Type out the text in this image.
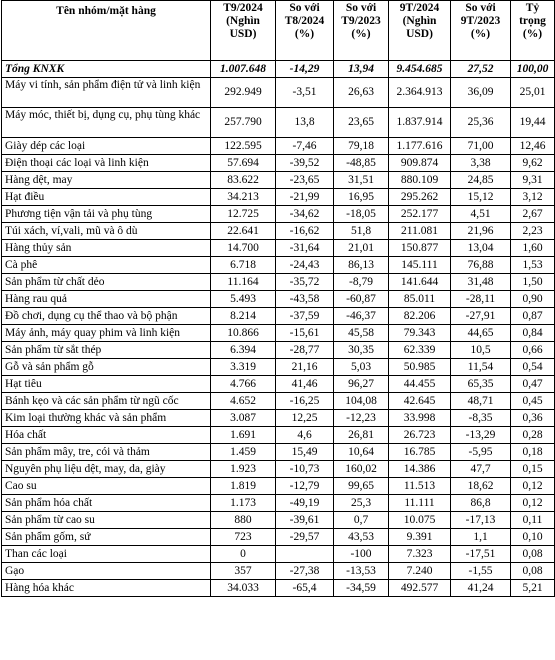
Tên nhóm/mặt hàng	T9/2024 (Nghìn USD)	So với T8/2024 (%)	So với T9/2023 (%)	9T/2024 (Nghìn USD)	So với 9T/2023 (%)	Tỷ trọng (%)
Tổng KNXK	1.007.648	-14,29	13,94	9.454.685	27,52	100,00
Máy vi tính, sản phẩm điện tử và linh kiện	292.949	-3,51	26,63	2.364.913	36,09	25,01
Máy móc, thiết bị, dụng cụ, phụ tùng khác	257.790	13,8	23,65	1.837.914	25,36	19,44
Giày dép các loại	122.595	-7,46	79,18	1.177.616	71,00	12,46
Điện thoại các loại và linh kiện	57.694	-39,52	-48,85	909.874	3,38	9,62
Hàng dệt, may	83.622	-23,65	31,51	880.109	24,85	9,31
Hạt điều	34.213	-21,99	16,95	295.262	15,12	3,12
Phương tiện vận tải và phụ tùng	12.725	-34,62	-18,05	252.177	4,51	2,67
Túi xách, ví,vali, mũ và ô dù	22.641	-16,62	51,8	211.081	21,96	2,23
Hàng thủy sản	14.700	-31,64	21,01	150.877	13,04	1,60
Cà phê	6.718	-24,43	86,13	145.111	76,88	1,53
Sản phẩm từ chất dẻo	11.164	-35,72	-8,79	141.644	31,48	1,50
Hàng rau quả	5.493	-43,58	-60,87	85.011	-28,11	0,90
Đồ chơi, dụng cụ thể thao và bộ phận	8.214	-37,59	-46,37	82.206	-27,91	0,87
Máy ảnh, máy quay phim và linh kiện	10.866	-15,61	45,58	79.343	44,65	0,84
Sản phẩm từ sắt thép	6.394	-28,77	30,35	62.339	10,5	0,66
Gỗ và sản phẩm gỗ	3.319	21,16	5,03	50.985	11,54	0,54
Hạt tiêu	4.766	41,46	96,27	44.455	65,35	0,47
Bánh kẹo và các sản phẩm từ ngũ cốc	4.652	-16,25	104,08	42.645	48,71	0,45
Kim loại thường khác và sản phẩm	3.087	12,25	-12,23	33.998	-8,35	0,36
Hóa chất	1.691	4,6	26,81	26.723	-13,29	0,28
Sản phẩm mây, tre, cói và thảm	1.459	15,49	10,64	16.785	-5,95	0,18
Nguyên phụ liệu dệt, may, da, giày	1.923	-10,73	160,02	14.386	47,7	0,15
Cao su	1.819	-12,79	99,65	11.513	18,62	0,12
Sản phẩm hóa chất	1.173	-49,19	25,3	11.111	86,8	0,12
Sản phẩm từ cao su	880	-39,61	0,7	10.075	-17,13	0,11
Sản phẩm gốm, sứ	723	-29,57	43,53	9.391	1,1	0,10
Than các loại	0		-100	7.323	-17,51	0,08
Gạo	357	-27,38	-13,53	7.240	-1,55	0,08
Hàng hóa khác	34.033	-65,4	-34,59	492.577	41,24	5,21
